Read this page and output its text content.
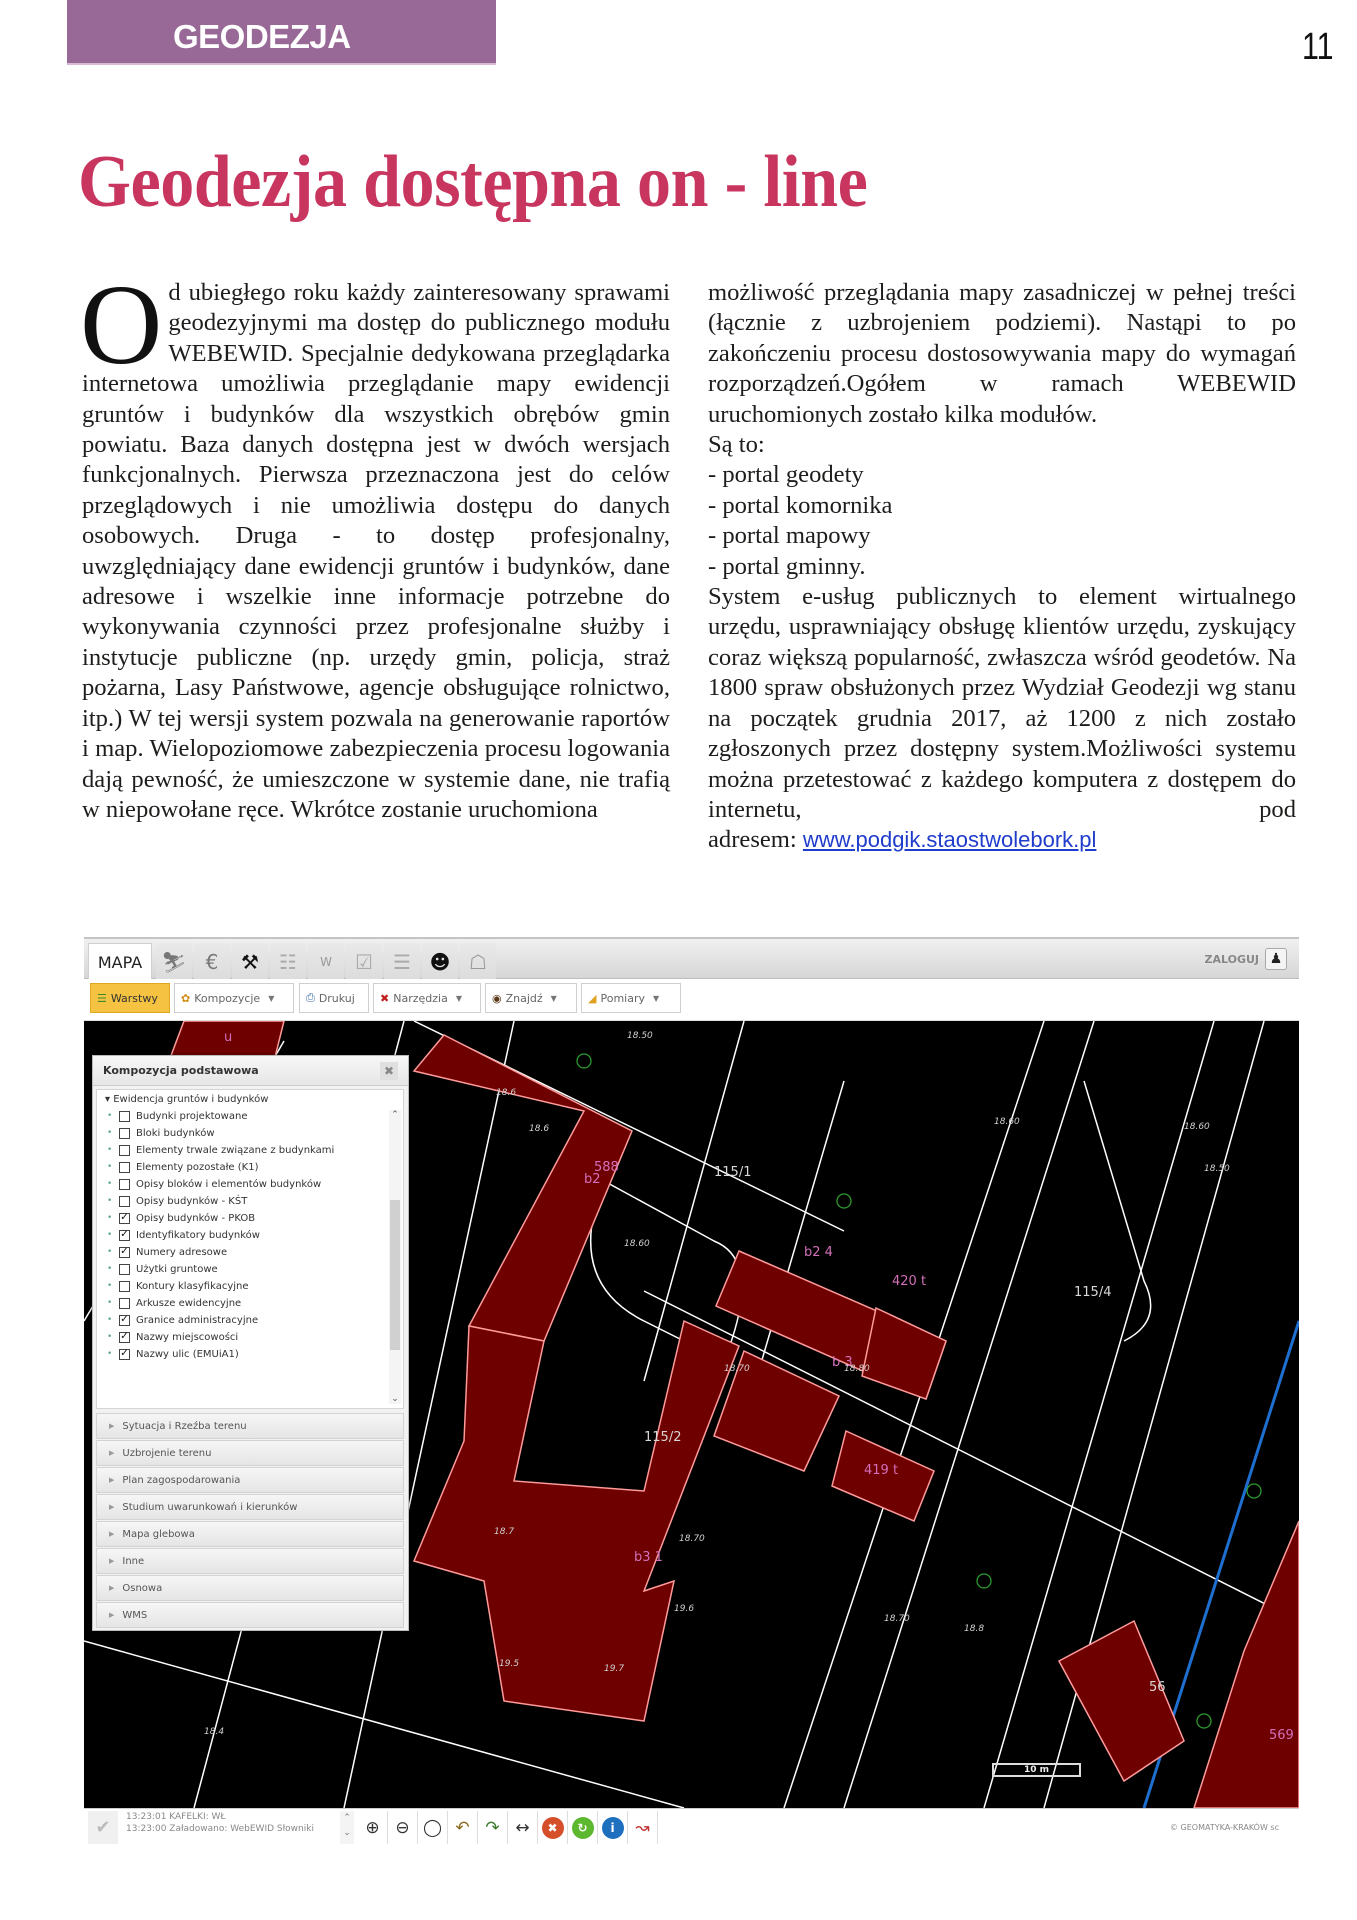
GEODEZJA	11
Geodezja dostępna on - line
O d ubiegłego roku każdy zainteresowany sprawami geodezyjnymi ma dostęp do publicznego modułu WEBEWID. Specjalnie dedykowana przeglądarka internetowa umożliwia przeglądanie mapy ewidencji gruntów i budynków dla wszystkich obrębów gmin powiatu. Baza danych dostępna jest w dwóch wersjach funkcjonalnych. Pierwsza przeznaczona jest do celów przeglądowych i nie umożliwia dostępu do danych osobowych. Druga - to dostęp profesjonalny, uwzględniający dane ewidencji gruntów i budynków, dane adresowe i wszelkie inne informacje potrzebne do wykonywania czynności przez profesjonalne służby i instytucje publiczne (np. urzędy gmin, policja, straż pożarna, Lasy Państwowe, agencje obsługujące rolnictwo, itp.) W tej wersji system pozwala na generowanie raportów i map. Wielopoziomowe zabezpieczenia procesu logowania dają pewność, że umieszczone w systemie dane, nie trafią w niepowołane ręce. Wkrótce zostanie uruchomiona

możliwość przeglądania mapy zasadniczej w pełnej treści (łącznie z uzbrojeniem podziemi). Nastąpi to po zakończeniu procesu dostosowywania mapy do wymagań rozporządzeń.Ogółem w ramach WEBEWID uruchomionych zostało kilka modułów.

Są to:

- portal geodety

- portal komornika

- portal mapowy

- portal gminny.

System e-usług publicznych to element wirtualnego urzędu, usprawniający obsługę klientów urzędu, zyskujący coraz większą popularność, zwłaszcza wśród geodetów. Na 1800 spraw obsłużonych przez Wydział Geodezji wg stanu na początek grudnia 2017, aż 1200 z nich zostało zgłoszonych przez dostępny system.Możliwości systemu można przetestować z każdego komputera z dostępem do internetu, pod

adresem: www.podgik.staostwolebork.pl

MAPA ⛷ €	⚒	☷	W	☑	☰ ☻ ☖	ZALOGUJ ♟
☰ Warstwy ✿ Kompozycje ▼	⎙ Drukuj ✖ Narzędzia ▼	◉ Znajdź ▼	◢ Pomiary ▼
588
b2
b2 4
420 t
b 3
419 t
b3 1
569
u
115/1
115/2
115/4
56
18.50
18.6
18.6
18.60
18.70	18.80
18.7
18.70
18.60	18.60
18.50
18.70
18.8
19.6
19.5	19.7
18.4
Kompozycja podstawowa	✖
▾ Ewidencja gruntów i budynków
•	Budynki projektowane
•	Bloki budynków
•	Elementy trwale związane z budynkami
•	Elementy pozostałe (K1)
•	Opisy bloków i elementów budynków
•	Opisy budynków - KŚT
• ✓ Opisy budynków - PKOB
• ✓ Identyfikatory budynków
• ✓ Numery adresowe
•	Użytki gruntowe
•	Kontury klasyfikacyjne
•	Arkusze ewidencyjne
• ✓ Granice administracyjne
• ✓ Nazwy miejscowości
• ✓ Nazwy ulic (EMUiA1)
⌃
⌄
▶ Sytuacja i Rzeźba terenu
▶ Uzbrojenie terenu
▶ Plan zagospodarowania
▶ Studium uwarunkowań i kierunków
▶ Mapa glebowa
▶ Inne
▶ Osnowa
▶ WMS
10 m
✔	13:23:01 KAFELKI: WŁ
13:23:00 Załadowano: WebEWID Słowniki
⌃
⌄ ⊕ ⊖ ◯ ↶ ↷ ↔	✖	↻	i	↝	© GEOMATYKA-KRAKÓW sc
